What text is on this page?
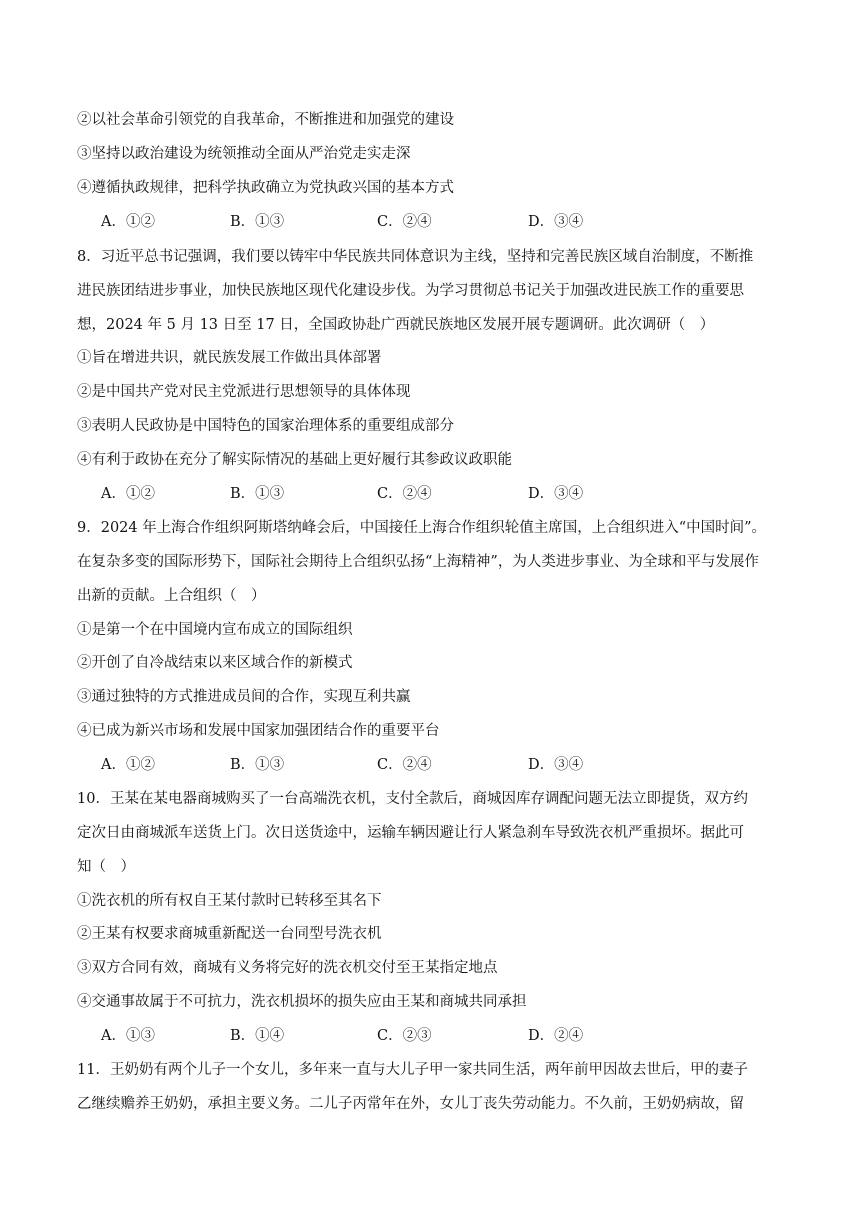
②以社会革命引领党的自我革命，不断推进和加强党的建设
③坚持以政治建设为统领推动全面从严治党走实走深
④遵循执政规律，把科学执政确立为党执政兴国的基本方式
A．①②	B．①③	C．②④	D．③④
8．习近平总书记强调，我们要以铸牢中华民族共同体意识为主线，坚持和完善民族区域自治制度，不断推
进民族团结进步事业，加快民族地区现代化建设步伐。为学习贯彻总书记关于加强改进民族工作的重要思
想，2024 年 5 月 13 日至 17 日，全国政协赴广西就民族地区发展开展专题调研。此次调研（　）
①旨在增进共识，就民族发展工作做出具体部署
②是中国共产党对民主党派进行思想领导的具体体现
③表明人民政协是中国特色的国家治理体系的重要组成部分
④有利于政协在充分了解实际情况的基础上更好履行其参政议政职能
A．①②	B．①③	C．②④	D．③④
9．2024 年上海合作组织阿斯塔纳峰会后，中国接任上海合作组织轮值主席国，上合组织进入“中国时间”。
在复杂多变的国际形势下，国际社会期待上合组织弘扬“上海精神”，为人类进步事业、为全球和平与发展作
出新的贡献。上合组织（　）
①是第一个在中国境内宣布成立的国际组织
②开创了自冷战结束以来区域合作的新模式
③通过独特的方式推进成员间的合作，实现互利共赢
④已成为新兴市场和发展中国家加强团结合作的重要平台
A．①②	B．①③	C．②④	D．③④
10．王某在某电器商城购买了一台高端洗衣机，支付全款后，商城因库存调配问题无法立即提货，双方约
定次日由商城派车送货上门。次日送货途中，运输车辆因避让行人紧急刹车导致洗衣机严重损坏。据此可
知（　）
①洗衣机的所有权自王某付款时已转移至其名下
②王某有权要求商城重新配送一台同型号洗衣机
③双方合同有效，商城有义务将完好的洗衣机交付至王某指定地点
④交通事故属于不可抗力，洗衣机损坏的损失应由王某和商城共同承担
A．①③	B．①④	C．②③	D．②④
11．王奶奶有两个儿子一个女儿，多年来一直与大儿子甲一家共同生活，两年前甲因故去世后，甲的妻子
乙继续赡养王奶奶，承担主要义务。二儿子丙常年在外，女儿丁丧失劳动能力。不久前，王奶奶病故，留
